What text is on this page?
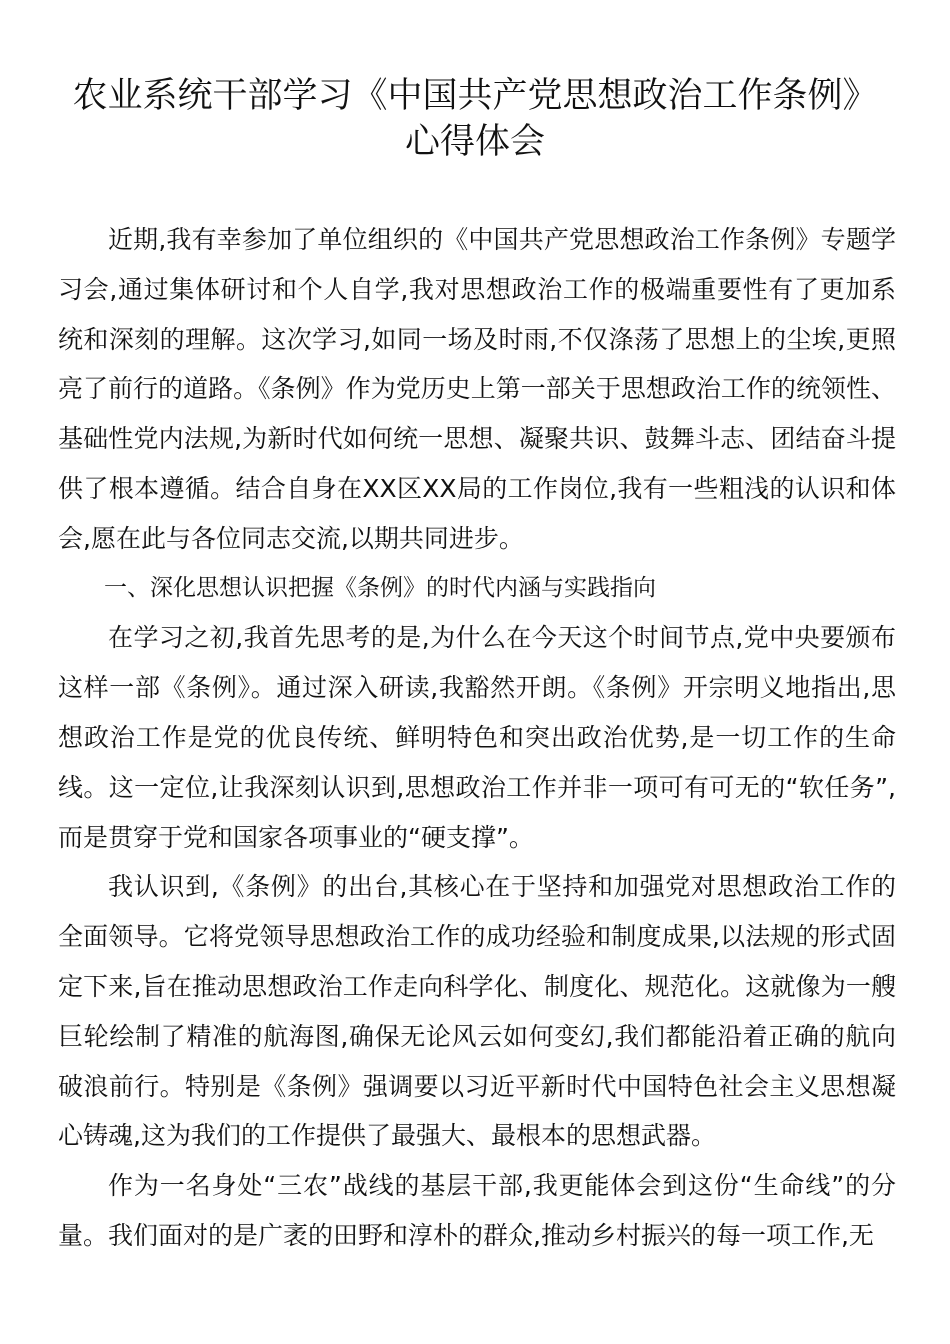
农业系统干部学习《中国共产党思想政治工作条例》
心得体会

近期,我有幸参加了单位组织的《中国共产党思想政治工作条例》专题学习会,通过集体研讨和个人自学,我对思想政治工作的极端重要性有了更加系统和深刻的理解。这次学习,如同一场及时雨,不仅涤荡了思想上的尘埃,更照亮了前行的道路。《条例》作为党历史上第一部关于思想政治工作的统领性、基础性党内法规,为新时代如何统一思想、凝聚共识、鼓舞斗志、团结奋斗提供了根本遵循。结合自身在XX区XX局的工作岗位,我有一些粗浅的认识和体会,愿在此与各位同志交流,以期共同进步。

一、深化思想认识把握《条例》的时代内涵与实践指向

在学习之初,我首先思考的是,为什么在今天这个时间节点,党中央要颁布这样一部《条例》。通过深入研读,我豁然开朗。《条例》开宗明义地指出,思想政治工作是党的优良传统、鲜明特色和突出政治优势,是一切工作的生命线。这一定位,让我深刻认识到,思想政治工作并非一项可有可无的“软任务”,而是贯穿于党和国家各项事业的“硬支撑”。

我认识到,《条例》的出台,其核心在于坚持和加强党对思想政治工作的全面领导。它将党领导思想政治工作的成功经验和制度成果,以法规的形式固定下来,旨在推动思想政治工作走向科学化、制度化、规范化。这就像为一艘巨轮绘制了精准的航海图,确保无论风云如何变幻,我们都能沿着正确的航向破浪前行。特别是《条例》强调要以习近平新时代中国特色社会主义思想凝心铸魂,这为我们的工作提供了最强大、最根本的思想武器。

作为一名身处“三农”战线的基层干部,我更能体会到这份“生命线”的分量。我们面对的是广袤的田野和淳朴的群众,推动乡村振兴的每一项工作,无
